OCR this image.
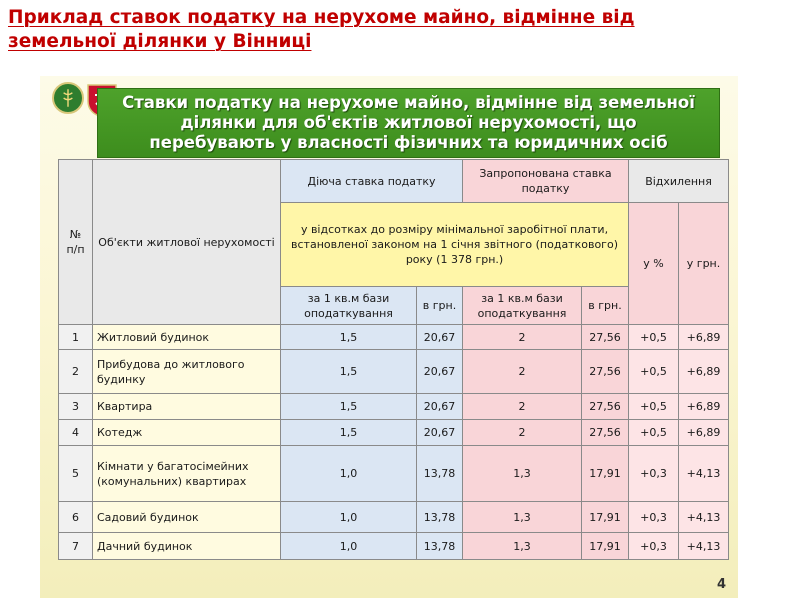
Приклад ставок податку на нерухоме майно, відмінне від земельної ділянки у Вінниці
Ставки податку на нерухоме майно, відмінне від земельної
ділянки для об'єктів житлової нерухомості, що
перебувають у власності фізичних та юридичних осіб
№ п/п	Об'єкти житлової нерухомості	Діюча ставка податку		Запропонована ставка податку		Відхилення	
		у відсотках до розміру мінімальної заробітної плати, встановленої законом на 1 січня звітного (податкового) року (1 378 грн.)				у %	у грн.
		за 1 кв.м бази оподаткування	в грн.	за 1 кв.м бази оподаткування	в грн.		
1	Житловий будинок	1,5	20,67	2	27,56	+0,5	+6,89
2	Прибудова до житлового будинку	1,5	20,67	2	27,56	+0,5	+6,89
3	Квартира	1,5	20,67	2	27,56	+0,5	+6,89
4	Котедж	1,5	20,67	2	27,56	+0,5	+6,89
5	Кімнати у багатосімейних (комунальних) квартирах	1,0	13,78	1,3	17,91	+0,3	+4,13
6	Садовий будинок	1,0	13,78	1,3	17,91	+0,3	+4,13
7	Дачний будинок	1,0	13,78	1,3	17,91	+0,3	+4,13
4
